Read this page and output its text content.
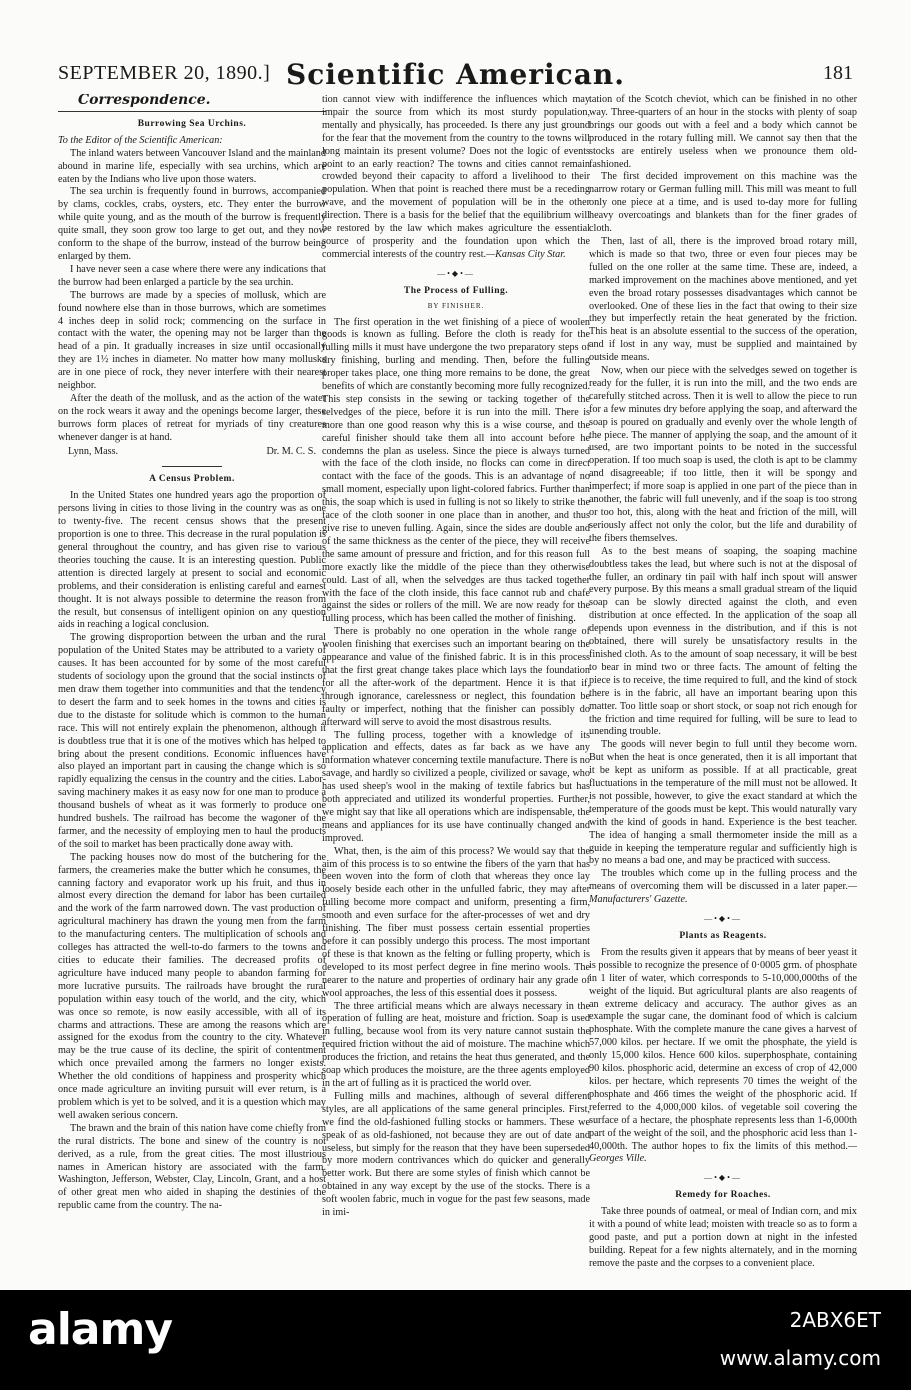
SEPTEMBER 20, 1890.] Scientific American.	181
Correspondence.
Burrowing Sea Urchins.

To the Editor of the Scientific American:

The inland waters between Vancouver Island and the mainland abound in marine life, especially with sea urchins, which are eaten by the Indians who live upon those waters.

The sea urchin is frequently found in burrows, accompanied by clams, cockles, crabs, oysters, etc. They enter the burrow while quite young, and as the mouth of the burrow is frequently quite small, they soon grow too large to get out, and they now conform to the shape of the burrow, instead of the burrow being enlarged by them.

I have never seen a case where there were any indications that the burrow had been enlarged a particle by the sea urchin.

The burrows are made by a species of mollusk, which are found nowhere else than in those burrows, which are sometimes 4 inches deep in solid rock; commencing on the surface in contact with the water, the opening may not be larger than the head of a pin. It gradually increases in size until occasionally they are 1½ inches in diameter. No matter how many mollusks are in one piece of rock, they never interfere with their nearest neighbor.

After the death of the mollusk, and as the action of the water on the rock wears it away and the openings become larger, these burrows form places of retreat for myriads of tiny creatures whenever danger is at hand.

Lynn, Mass.	Dr. M. C. S.
A Census Problem.

In the United States one hundred years ago the proportion of persons living in cities to those living in the country was as one to twenty-five. The recent census shows that the present proportion is one to three. This decrease in the rural population is general throughout the country, and has given rise to various theories touching the cause. It is an interesting question. Public attention is directed largely at present to social and economic problems, and their consideration is enlisting careful and earnest thought. It is not always possible to determine the reason from the result, but consensus of intelligent opinion on any question aids in reaching a logical conclusion.

The growing disproportion between the urban and the rural population of the United States may be attributed to a variety of causes. It has been accounted for by some of the most careful students of sociology upon the ground that the social instincts of men draw them together into communities and that the tendency to desert the farm and to seek homes in the towns and cities is due to the distaste for solitude which is common to the human race. This will not entirely explain the phenomenon, although it is doubtless true that it is one of the motives which has helped to bring about the present conditions. Economic influences have also played an important part in causing the change which is so rapidly equalizing the census in the country and the cities. Labor-saving machinery makes it as easy now for one man to produce a thousand bushels of wheat as it was formerly to produce one hundred bushels. The railroad has become the wagoner of the farmer, and the necessity of employing men to haul the products of the soil to market has been practically done away with.

The packing houses now do most of the butchering for the farmers, the creameries make the butter which he consumes, the canning factory and evaporator work up his fruit, and thus in almost every direction the demand for labor has been curtailed and the work of the farm narrowed down. The vast production of agricultural machinery has drawn the young men from the farm to the manufacturing centers. The multiplication of schools and colleges has attracted the well-to-do farmers to the towns and cities to educate their families. The decreased profits of agriculture have induced many people to abandon farming for more lucrative pursuits. The railroads have brought the rural population within easy touch of the world, and the city, which was once so remote, is now easily accessible, with all of its charms and attractions. These are among the reasons which are assigned for the exodus from the country to the city. Whatever may be the true cause of its decline, the spirit of contentment which once prevailed among the farmers no longer exists. Whether the old conditions of happiness and prosperity which once made agriculture an inviting pursuit will ever return, is a problem which is yet to be solved, and it is a question which may well awaken serious concern.

The brawn and the brain of this nation have come chiefly from the rural districts. The bone and sinew of the country is not derived, as a rule, from the great cities. The most illustrious names in American history are associated with the farm. Washington, Jefferson, Webster, Clay, Lincoln, Grant, and a host of other great men who aided in shaping the destinies of the republic came from the country. The na-

tion cannot view with indifference the influences which may impair the source from which its most sturdy population, mentally and physically, has proceeded. Is there any just ground for the fear that the movement from the country to the towns will long maintain its present volume? Does not the logic of events point to an early reaction? The towns and cities cannot remain crowded beyond their capacity to afford a livelihood to their population. When that point is reached there must be a receding wave, and the movement of population will be in the other direction. There is a basis for the belief that the equilibrium will be restored by the law which makes agriculture the essential source of prosperity and the foundation upon which the commercial interests of the country rest.—Kansas City Star.

—•◆•—
The Process of Fulling.
BY FINISHER.

The first operation in the wet finishing of a piece of woolen goods is known as fulling. Before the cloth is ready for the fulling mills it must have undergone the two preparatory steps of dry finishing, burling and mending. Then, before the fulling proper takes place, one thing more remains to be done, the great benefits of which are constantly becoming more fully recognized. This step consists in the sewing or tacking together of the selvedges of the piece, before it is run into the mill. There is more than one good reason why this is a wise course, and the careful finisher should take them all into account before he condemns the plan as useless. Since the piece is always turned with the face of the cloth inside, no flocks can come in direct contact with the face of the goods. This is an advantage of no small moment, especially upon light-colored fabrics. Further than this, the soap which is used in fulling is not so likely to strike the face of the cloth sooner in one place than in another, and thus give rise to uneven fulling. Again, since the sides are double and of the same thickness as the center of the piece, they will receive the same amount of pressure and friction, and for this reason full more exactly like the middle of the piece than they otherwise could. Last of all, when the selvedges are thus tacked together with the face of the cloth inside, this face cannot rub and chafe against the sides or rollers of the mill. We are now ready for the fulling process, which has been called the mother of finishing.

There is probably no one operation in the whole range of woolen finishing that exercises such an important bearing on the appearance and value of the finished fabric. It is in this process that the first great change takes place which lays the foundation for all the after-work of the department. Hence it is that if, through ignorance, carelessness or neglect, this foundation be faulty or imperfect, nothing that the finisher can possibly do afterward will serve to avoid the most disastrous results.

The fulling process, together with a knowledge of its application and effects, dates as far back as we have any information whatever concerning textile manufacture. There is no savage, and hardly so civilized a people, civilized or savage, who has used sheep's wool in the making of textile fabrics but has both appreciated and utilized its wonderful properties. Further, we might say that like all operations which are indispensable, the means and appliances for its use have continually changed and improved.

What, then, is the aim of this process? We would say that the aim of this process is to so entwine the fibers of the yarn that has been woven into the form of cloth that whereas they once lay loosely beside each other in the unfulled fabric, they may after fulling become more compact and uniform, presenting a firm, smooth and even surface for the after-processes of wet and dry finishing. The fiber must possess certain essential properties before it can possibly undergo this process. The most important of these is that known as the felting or fulling property, which is developed to its most perfect degree in fine merino wools. The nearer to the nature and properties of ordinary hair any grade of wool approaches, the less of this essential does it possess.

The three artificial means which are always necessary in the operation of fulling are heat, moisture and friction. Soap is used in fulling, because wool from its very nature cannot sustain the required friction without the aid of moisture. The machine which produces the friction, and retains the heat thus generated, and the soap which produces the moisture, are the three agents employed in the art of fulling as it is practiced the world over.

Fulling mills and machines, although of several different styles, are all applications of the same general principles. First, we find the old-fashioned fulling stocks or hammers. These we speak of as old-fashioned, not because they are out of date and useless, but simply for the reason that they have been superseded by more modern contrivances which do quicker and generally better work. But there are some styles of finish which cannot be obtained in any way except by the use of the stocks. There is a soft woolen fabric, much in vogue for the past few seasons, made in imi-

tation of the Scotch cheviot, which can be finished in no other way. Three-quarters of an hour in the stocks with plenty of soap brings our goods out with a feel and a body which cannot be produced in the rotary fulling mill. We cannot say then that the stocks are entirely useless when we pronounce them old-fashioned.

The first decided improvement on this machine was the narrow rotary or German fulling mill. This mill was meant to full only one piece at a time, and is used to-day more for fulling heavy overcoatings and blankets than for the finer grades of cloth.

Then, last of all, there is the improved broad rotary mill, which is made so that two, three or even four pieces may be fulled on the one roller at the same time. These are, indeed, a marked improvement on the machines above mentioned, and yet even the broad rotary possesses disadvantages which cannot be overlooked. One of these lies in the fact that owing to their size they but imperfectly retain the heat generated by the friction. This heat is an absolute essential to the success of the operation, and if lost in any way, must be supplied and maintained by outside means.

Now, when our piece with the selvedges sewed on together is ready for the fuller, it is run into the mill, and the two ends are carefully stitched across. Then it is well to allow the piece to run for a few minutes dry before applying the soap, and afterward the soap is poured on gradually and evenly over the whole length of the piece. The manner of applying the soap, and the amount of it used, are two important points to be noted in the successful operation. If too much soap is used, the cloth is apt to be clammy and disagreeable; if too little, then it will be spongy and imperfect; if more soap is applied in one part of the piece than in another, the fabric will full unevenly, and if the soap is too strong or too hot, this, along with the heat and friction of the mill, will seriously affect not only the color, but the life and durability of the fibers themselves.

As to the best means of soaping, the soaping machine doubtless takes the lead, but where such is not at the disposal of the fuller, an ordinary tin pail with half inch spout will answer every purpose. By this means a small gradual stream of the liquid soap can be slowly directed against the cloth, and even distribution at once effected. In the application of the soap all depends upon evenness in the distribution, and if this is not obtained, there will surely be unsatisfactory results in the finished cloth. As to the amount of soap necessary, it will be best to bear in mind two or three facts. The amount of felting the piece is to receive, the time required to full, and the kind of stock there is in the fabric, all have an important bearing upon this matter. Too little soap or short stock, or soap not rich enough for the friction and time required for fulling, will be sure to lead to unending trouble.

The goods will never begin to full until they become worn. But when the heat is once generated, then it is all important that it be kept as uniform as possible. If at all practicable, great fluctuations in the temperature of the mill must not be allowed. It is not possible, however, to give the exact standard at which the temperature of the goods must be kept. This would naturally vary with the kind of goods in hand. Experience is the best teacher. The idea of hanging a small thermometer inside the mill as a guide in keeping the temperature regular and sufficiently high is by no means a bad one, and may be practiced with success.

The troubles which come up in the fulling process and the means of overcoming them will be discussed in a later paper.—Manufacturers' Gazette.

—•◆•—
Plants as Reagents.

From the results given it appears that by means of beer yeast it is possible to recognize the presence of 0·0005 grm. of phosphate in 1 liter of water, which corresponds to 5-10,000,000ths of the weight of the liquid. But agricultural plants are also reagents of an extreme delicacy and accuracy. The author gives as an example the sugar cane, the dominant food of which is calcium phosphate. With the complete manure the cane gives a harvest of 57,000 kilos. per hectare. If we omit the phosphate, the yield is only 15,000 kilos. Hence 600 kilos. superphosphate, containing 90 kilos. phosphoric acid, determine an excess of crop of 42,000 kilos. per hectare, which represents 70 times the weight of the phosphate and 466 times the weight of the phosphoric acid. If referred to the 4,000,000 kilos. of vegetable soil covering the surface of a hectare, the phosphate represents less than 1-6,000th part of the weight of the soil, and the phosphoric acid less than 1-40,000th. The author hopes to fix the limits of this method.—Georges Ville.

—•◆•—
Remedy for Roaches.

Take three pounds of oatmeal, or meal of Indian corn, and mix it with a pound of white lead; moisten with treacle so as to form a good paste, and put a portion down at night in the infested building. Repeat for a few nights alternately, and in the morning remove the paste and the corpses to a convenient place.

alamy	2ABX6ET
www.alamy.com
